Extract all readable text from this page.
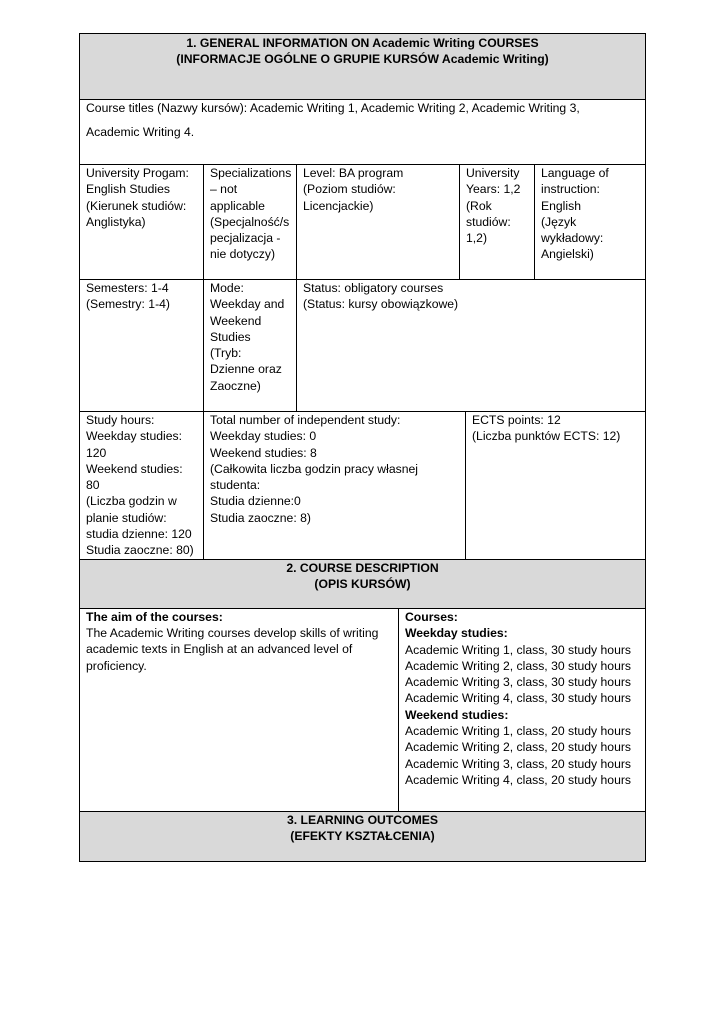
1. GENERAL INFORMATION ON Academic Writing COURSES
(INFORMACJE OGÓLNE O GRUPIE KURSÓW Academic Writing)
Course titles (Nazwy kursów): Academic Writing 1, Academic Writing 2, Academic Writing 3,
Academic Writing 4.
University Progam:
English Studies
(Kierunek studiów:
Anglistyka)
Specializations
– not
applicable
(Specjalność/s
pecjalizacja -
nie dotyczy)
Level: BA program
(Poziom studiów:
Licencjackie)
University
Years: 1,2
(Rok
studiów:
1,2)
Language of
instruction:
English
(Język
wykładowy:
Angielski)
Semesters: 1-4
(Semestry: 1-4)
Mode:
Weekday and
Weekend
Studies
(Tryb:
Dzienne oraz
Zaoczne)
Status: obligatory courses
(Status: kursy obowiązkowe)
Study hours:
Weekday studies:
120
Weekend studies:
80
(Liczba godzin w
planie studiów:
studia dzienne: 120
Studia zaoczne: 80)
Total number of independent study:
Weekday studies: 0
Weekend studies: 8
(Całkowita liczba godzin pracy własnej
studenta:
Studia dzienne:0
Studia zaoczne: 8)
ECTS points: 12
(Liczba punktów ECTS: 12)
2. COURSE DESCRIPTION
(OPIS KURSÓW)
The aim of the courses:
The Academic Writing courses develop skills of writing
academic texts in English at an advanced level of
proficiency.
Courses:
Weekday studies:
Academic Writing 1, class, 30 study hours
Academic Writing 2, class, 30 study hours
Academic Writing 3, class, 30 study hours
Academic Writing 4, class, 30 study hours
Weekend studies:
Academic Writing 1, class, 20 study hours
Academic Writing 2, class, 20 study hours
Academic Writing 3, class, 20 study hours
Academic Writing 4, class, 20 study hours
3. LEARNING OUTCOMES
(EFEKTY KSZTAŁCENIA)
